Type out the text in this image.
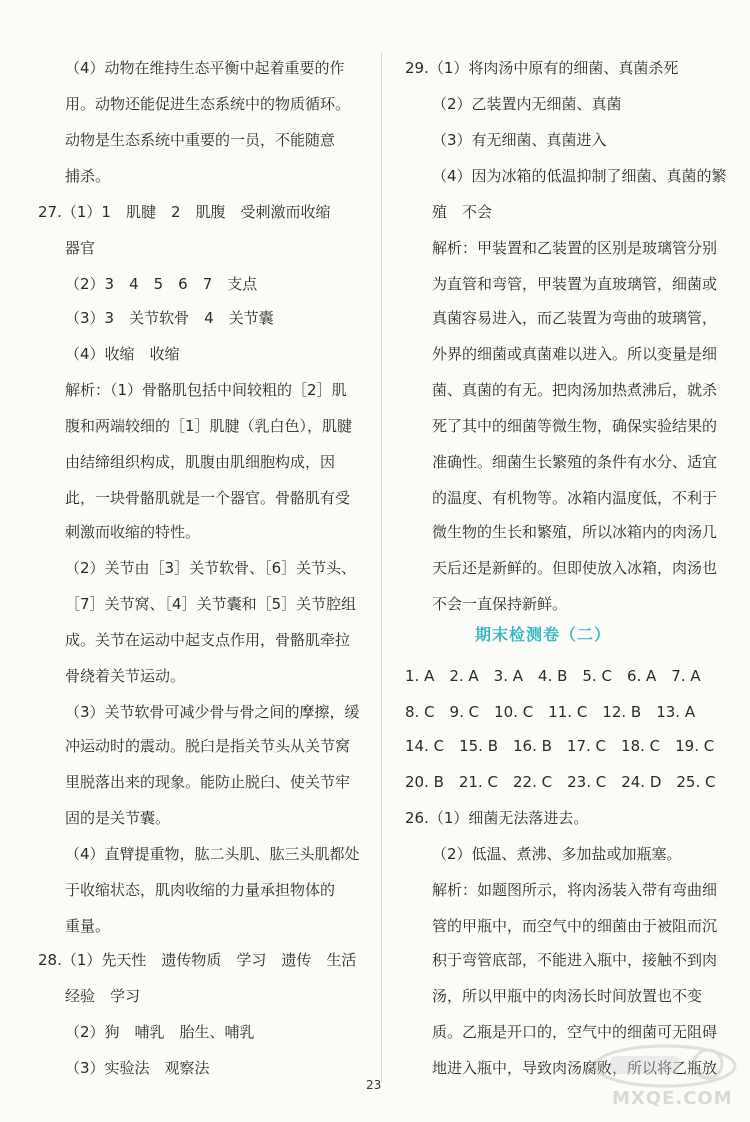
（4）动物在维持生态平衡中起着重要的作
用。动物还能促进生态系统中的物质循环。
动物是生态系统中重要的一员，不能随意
捕杀。
27.（1）1　肌腱　2　肌腹　受刺激而收缩
器官
（2）3　4　5　6　7　支点
（3）3　关节软骨　4　关节囊
（4）收缩　收缩
解析：（1）骨骼肌包括中间较粗的［2］肌
腹和两端较细的［1］肌腱（乳白色），肌腱
由结缔组织构成，肌腹由肌细胞构成，因
此，一块骨骼肌就是一个器官。骨骼肌有受
刺激而收缩的特性。
（2）关节由［3］关节软骨、［6］关节头、
［7］关节窝、［4］关节囊和［5］关节腔组
成。关节在运动中起支点作用，骨骼肌牵拉
骨绕着关节运动。
（3）关节软骨可减少骨与骨之间的摩擦，缓
冲运动时的震动。脱臼是指关节头从关节窝
里脱落出来的现象。能防止脱臼、使关节牢
固的是关节囊。
（4）直臂提重物，肱二头肌、肱三头肌都处
于收缩状态，肌肉收缩的力量承担物体的
重量。
28.（1）先天性　遗传物质　学习　遗传　生活
经验　学习
（2）狗　哺乳　胎生、哺乳
（3）实验法　观察法
29.（1）将肉汤中原有的细菌、真菌杀死
（2）乙装置内无细菌、真菌
（3）有无细菌、真菌进入
（4）因为冰箱的低温抑制了细菌、真菌的繁
殖　不会
解析：甲装置和乙装置的区别是玻璃管分别
为直管和弯管，甲装置为直玻璃管，细菌或
真菌容易进入，而乙装置为弯曲的玻璃管，
外界的细菌或真菌难以进入。所以变量是细
菌、真菌的有无。把肉汤加热煮沸后，就杀
死了其中的细菌等微生物，确保实验结果的
准确性。细菌生长繁殖的条件有水分、适宜
的温度、有机物等。冰箱内温度低，不利于
微生物的生长和繁殖，所以冰箱内的肉汤几
天后还是新鲜的。但即使放入冰箱，肉汤也
不会一直保持新鲜。
期末检测卷（二）
1. A　2. A　3. A　4. B　5. C　6. A　7. A
8. C　9. C　10. C　11. C　12. B　13. A
14. C　15. B　16. B　17. C　18. C　19. C
20. B　21. C　22. C　23. C　24. D　25. C
26.（1）细菌无法落进去。
（2）低温、煮沸、多加盐或加瓶塞。
解析：如题图所示，将肉汤装入带有弯曲细
管的甲瓶中，而空气中的细菌由于被阻而沉
积于弯管底部，不能进入瓶中，接触不到肉
汤，所以甲瓶中的肉汤长时间放置也不变
质。乙瓶是开口的，空气中的细菌可无阻碍
地进入瓶中，导致肉汤腐败，所以将乙瓶放
23
MXQE.COM
